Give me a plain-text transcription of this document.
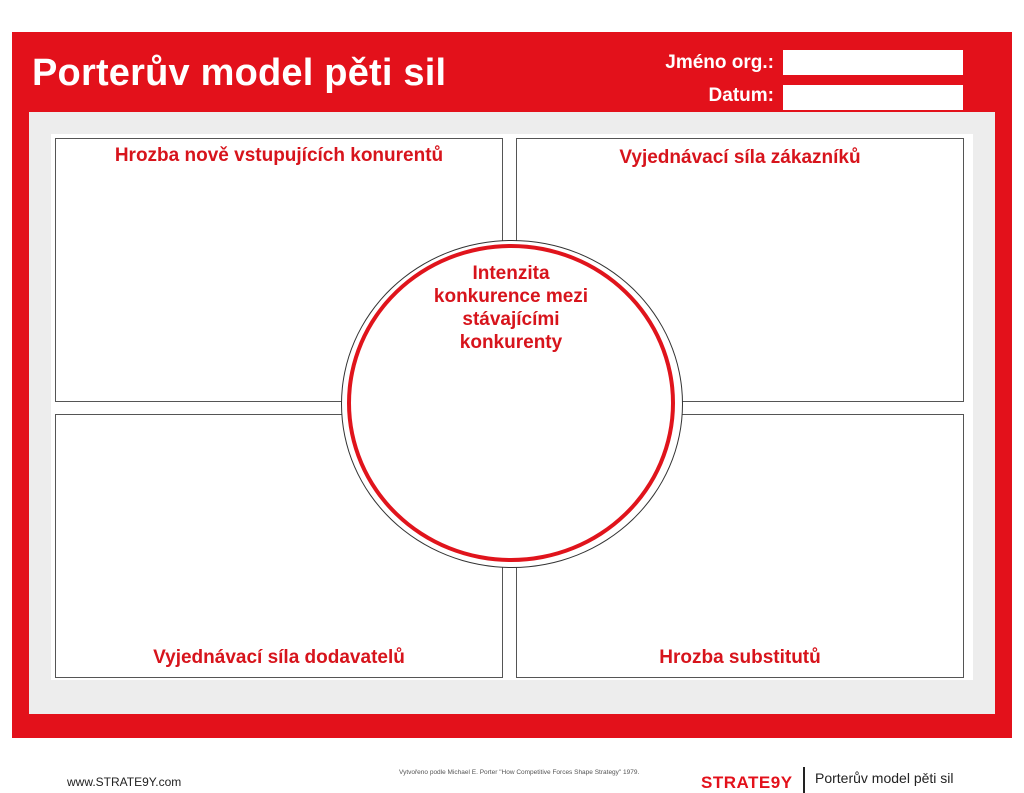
Porterův model pěti sil	Jméno org.:
Datum:
Hrozba nově vstupujících konurentů	Vyjednávací síla zákazníků
Vyjednávací síla dodavatelů	Hrozba substitutů
Intenzita
konkurence mezi
stávajícími
konkurenty
www.STRATE9Y.com
Vytvořeno podle Michael E. Porter "How Competitive Forces Shape Strategy" 1979.
STRATE9Y Porterův model pěti sil
